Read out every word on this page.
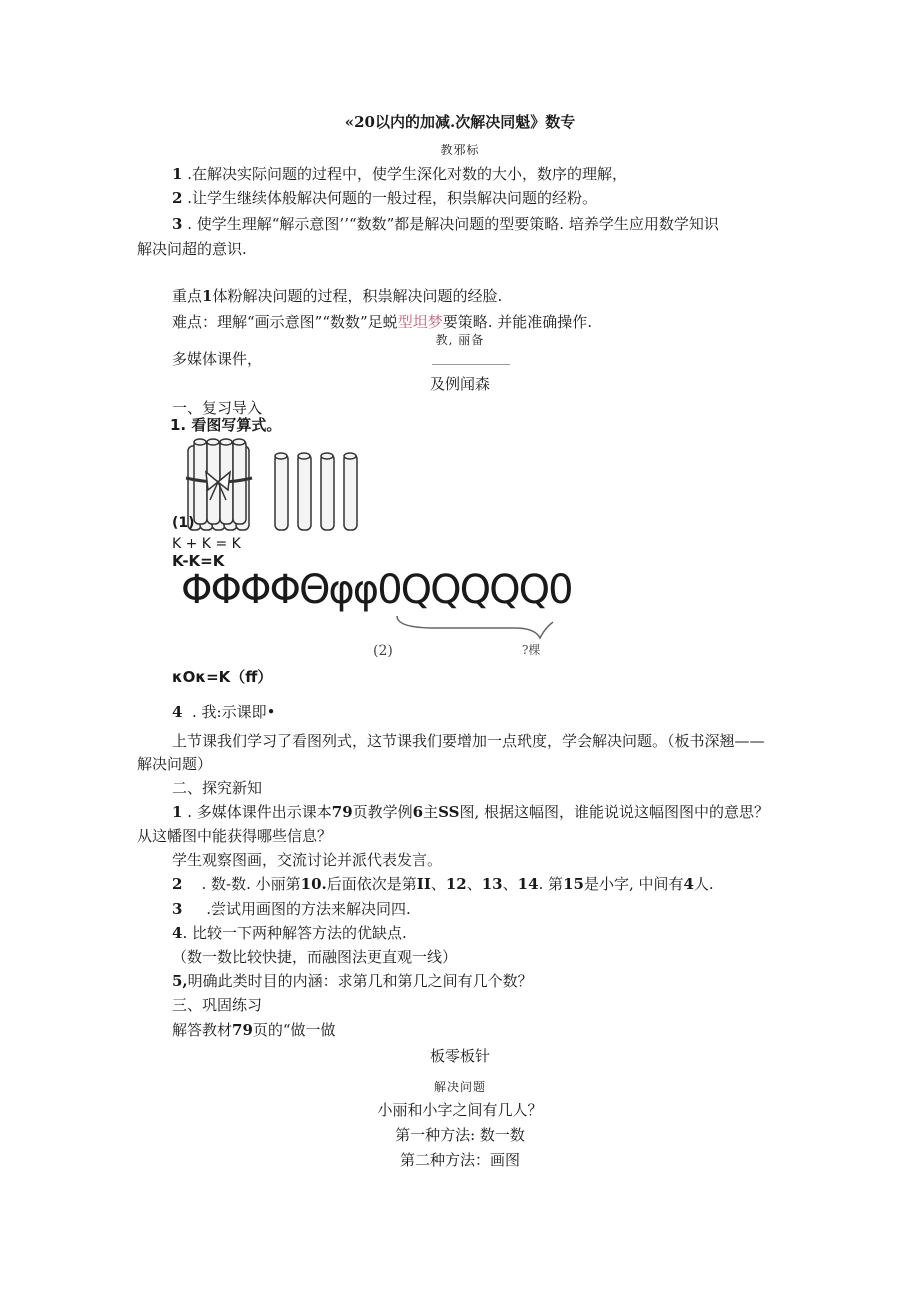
«20以内的加减.次解决同魁》数专
教邪标
1 .在解决实际问题的过程中，使学生深化对数的大小，数序的理解，
2 .让学生继续体般解决何题的一般过程，积祟解决问题的经粉。
3 . 使学生理解“解示意图’’“数数”都是解决问题的型要策略. 培养学生应用数学知识
解决问超的意识.
重点1体粉解决问题的过程，积祟解决问题的经脸.
难点：理解“画示意图”“数数”足蜕型坦梦要策略. 并能准确操作.
教, 丽备
多媒体课件，
及例闻森
一、复习导入
1. 看图写算式。
(1)
K + K = K
K-K=K
ΦΦΦΦΘφφ0QQQQQ0
(2)	?棵
κOκ=K（ff）
4 . 我:示课即•
上节课我们学习了看图列式，这节课我们要增加一点玳度，学会解决问题。（板书深翘——
解决问题）
二、探究新知
1 . 多媒体课件出示课本79页教学例6主SS图, 根据这幅图，谁能说说这幅图图中的意思？
从这幡图中能获得哪些信息？
学生观察图画，交流讨论并派代表发言。
2 . 数-数. 小丽第10.后面依次是第II、12、13、14. 第15是小字, 中间有4人.
3 .尝试用画图的方法来解决同四.
4. 比较一下两种解答方法的优缺点.
（数一数比较快捷，而融图法更直观一线）
5,明确此类时目的内涵：求第几和第几之间有几个数？
三、巩固练习
解答教材79页的“做一做
板零板针
解决问题
小丽和小字之间有几人？
第一种方法: 数一数
第二种方法：画图
